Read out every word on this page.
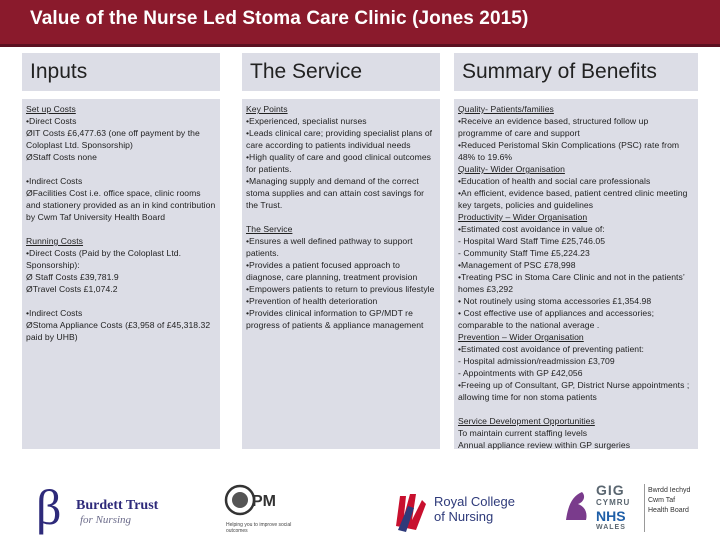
Value of the Nurse Led Stoma Care Clinic (Jones 2015)
Inputs

Set up Costs

•Direct Costs

ØIT Costs £6,477.63 (one off payment by the Coloplast Ltd. Sponsorship)

ØStaff Costs none

•Indirect Costs

ØFacilities Cost i.e. office space, clinic rooms and stationery provided as an in kind contribution by Cwm Taf University Health Board

Running Costs

•Direct Costs (Paid by the Coloplast Ltd. Sponsorship):

Ø Staff Costs £39,781.9

ØTravel Costs £1,074.2

•Indirect Costs

ØStoma Appliance Costs (£3,958 of £45,318.32 paid by UHB)

The Service

Key Points

•Experienced, specialist nurses

•Leads clinical care; providing specialist plans of care according to patients individual needs

•High quality of care and good clinical outcomes for patients.

•Managing supply and demand of the correct stoma supplies and can attain cost savings for the Trust.

The Service

•Ensures a well defined pathway to support patients.

•Provides a patient focused approach to diagnose, care planning, treatment provision

•Empowers patients to return to previous lifestyle

•Prevention of health deterioration

•Provides clinical information to GP/MDT re progress of patients & appliance management

Summary of Benefits

Quality- Patients/families

•Receive an evidence based, structured follow up programme of care and support

•Reduced Peristomal Skin Complications (PSC) rate from 48% to 19.6%

Quality- Wider Organisation

•Education of health and social care professionals

•An efficient, evidence based, patient centred clinic meeting key targets, policies and guidelines

Productivity – Wider Organisation

•Estimated cost avoidance in value of:

- Hospital Ward Staff Time £25,746.05

- Community Staff Time £5,224.23

•Management of PSC £78,998

•Treating PSC in Stoma Care Clinic and not in the patients’ homes £3,292

• Not routinely using stoma accessories £1,354.98

• Cost effective use of appliances and accessories; comparable to the national average .

Prevention – Wider Organisation

•Estimated cost avoidance of preventing patient:

- Hospital admission/readmission £3,709

- Appointments with GP £42,056

•Freeing up of Consultant, GP, District Nurse appointments ; allowing time for non stoma patients

Service Development Opportunities

To maintain current staffing levels

Annual appliance review within GP surgeries

β Burdett Trust
for Nursing
PM
Helping you to improve social outcomes
Royal College
of Nursing
GIG
CYMRU
NHS
WALES
Bwrdd Iechyd
Cwm Taf
Health Board
